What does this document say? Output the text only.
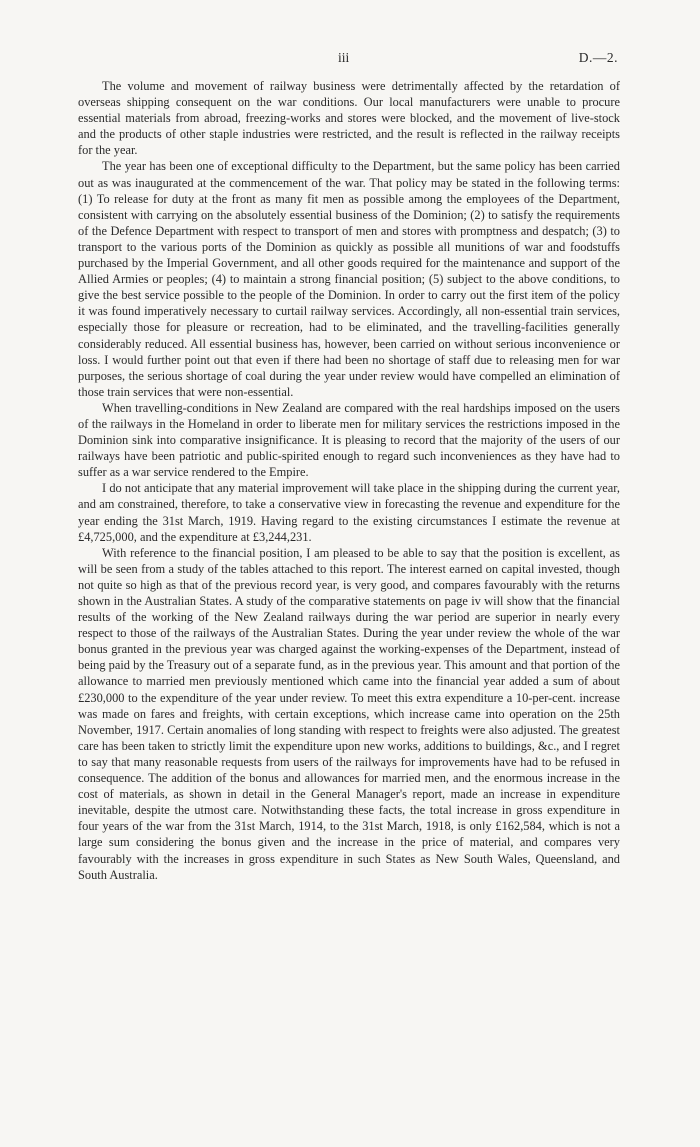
iii	D.—2.

The volume and movement of railway business were detrimentally affected by the retardation of overseas shipping consequent on the war conditions. Our local manufacturers were unable to procure essential materials from abroad, freezing-works and stores were blocked, and the movement of live-stock and the products of other staple industries were restricted, and the result is reflected in the railway receipts for the year.

The year has been one of exceptional difficulty to the Department, but the same policy has been carried out as was inaugurated at the commencement of the war. That policy may be stated in the following terms: (1) To release for duty at the front as many fit men as possible among the employees of the Department, consistent with carrying on the absolutely essential business of the Dominion; (2) to satisfy the requirements of the Defence Department with respect to transport of men and stores with promptness and despatch; (3) to transport to the various ports of the Dominion as quickly as possible all munitions of war and foodstuffs purchased by the Imperial Government, and all other goods required for the maintenance and support of the Allied Armies or peoples; (4) to maintain a strong financial position; (5) subject to the above conditions, to give the best service possible to the people of the Dominion. In order to carry out the first item of the policy it was found imperatively necessary to curtail railway services. Accordingly, all non-essential train services, especially those for pleasure or recreation, had to be eliminated, and the travelling-facilities generally considerably reduced. All essential business has, however, been carried on without serious inconvenience or loss. I would further point out that even if there had been no shortage of staff due to releasing men for war purposes, the serious shortage of coal during the year under review would have compelled an elimination of those train services that were non-essential.

When travelling-conditions in New Zealand are compared with the real hardships imposed on the users of the railways in the Homeland in order to liberate men for military services the restrictions imposed in the Dominion sink into comparative insignificance. It is pleasing to record that the majority of the users of our railways have been patriotic and public-spirited enough to regard such inconveniences as they have had to suffer as a war service rendered to the Empire.

I do not anticipate that any material improvement will take place in the shipping during the current year, and am constrained, therefore, to take a conservative view in forecasting the revenue and expenditure for the year ending the 31st March, 1919. Having regard to the existing circumstances I estimate the revenue at £4,725,000, and the expenditure at £3,244,231.

With reference to the financial position, I am pleased to be able to say that the position is excellent, as will be seen from a study of the tables attached to this report. The interest earned on capital invested, though not quite so high as that of the previous record year, is very good, and compares favourably with the returns shown in the Australian States. A study of the comparative statements on page iv will show that the financial results of the working of the New Zealand railways during the war period are superior in nearly every respect to those of the railways of the Australian States. During the year under review the whole of the war bonus granted in the previous year was charged against the working-expenses of the Department, instead of being paid by the Treasury out of a separate fund, as in the previous year. This amount and that portion of the allowance to married men previously mentioned which came into the financial year added a sum of about £230,000 to the expenditure of the year under review. To meet this extra expenditure a 10-per-cent. increase was made on fares and freights, with certain exceptions, which increase came into operation on the 25th November, 1917. Certain anomalies of long standing with respect to freights were also adjusted. The greatest care has been taken to strictly limit the expenditure upon new works, additions to buildings, &c., and I regret to say that many reasonable requests from users of the railways for improvements have had to be refused in consequence. The addition of the bonus and allowances for married men, and the enormous increase in the cost of materials, as shown in detail in the General Manager's report, made an increase in expenditure inevitable, despite the utmost care. Notwithstanding these facts, the total increase in gross expenditure in four years of the war from the 31st March, 1914, to the 31st March, 1918, is only £162,584, which is not a large sum considering the bonus given and the increase in the price of material, and compares very favourably with the increases in gross expenditure in such States as New South Wales, Queensland, and South Australia.
